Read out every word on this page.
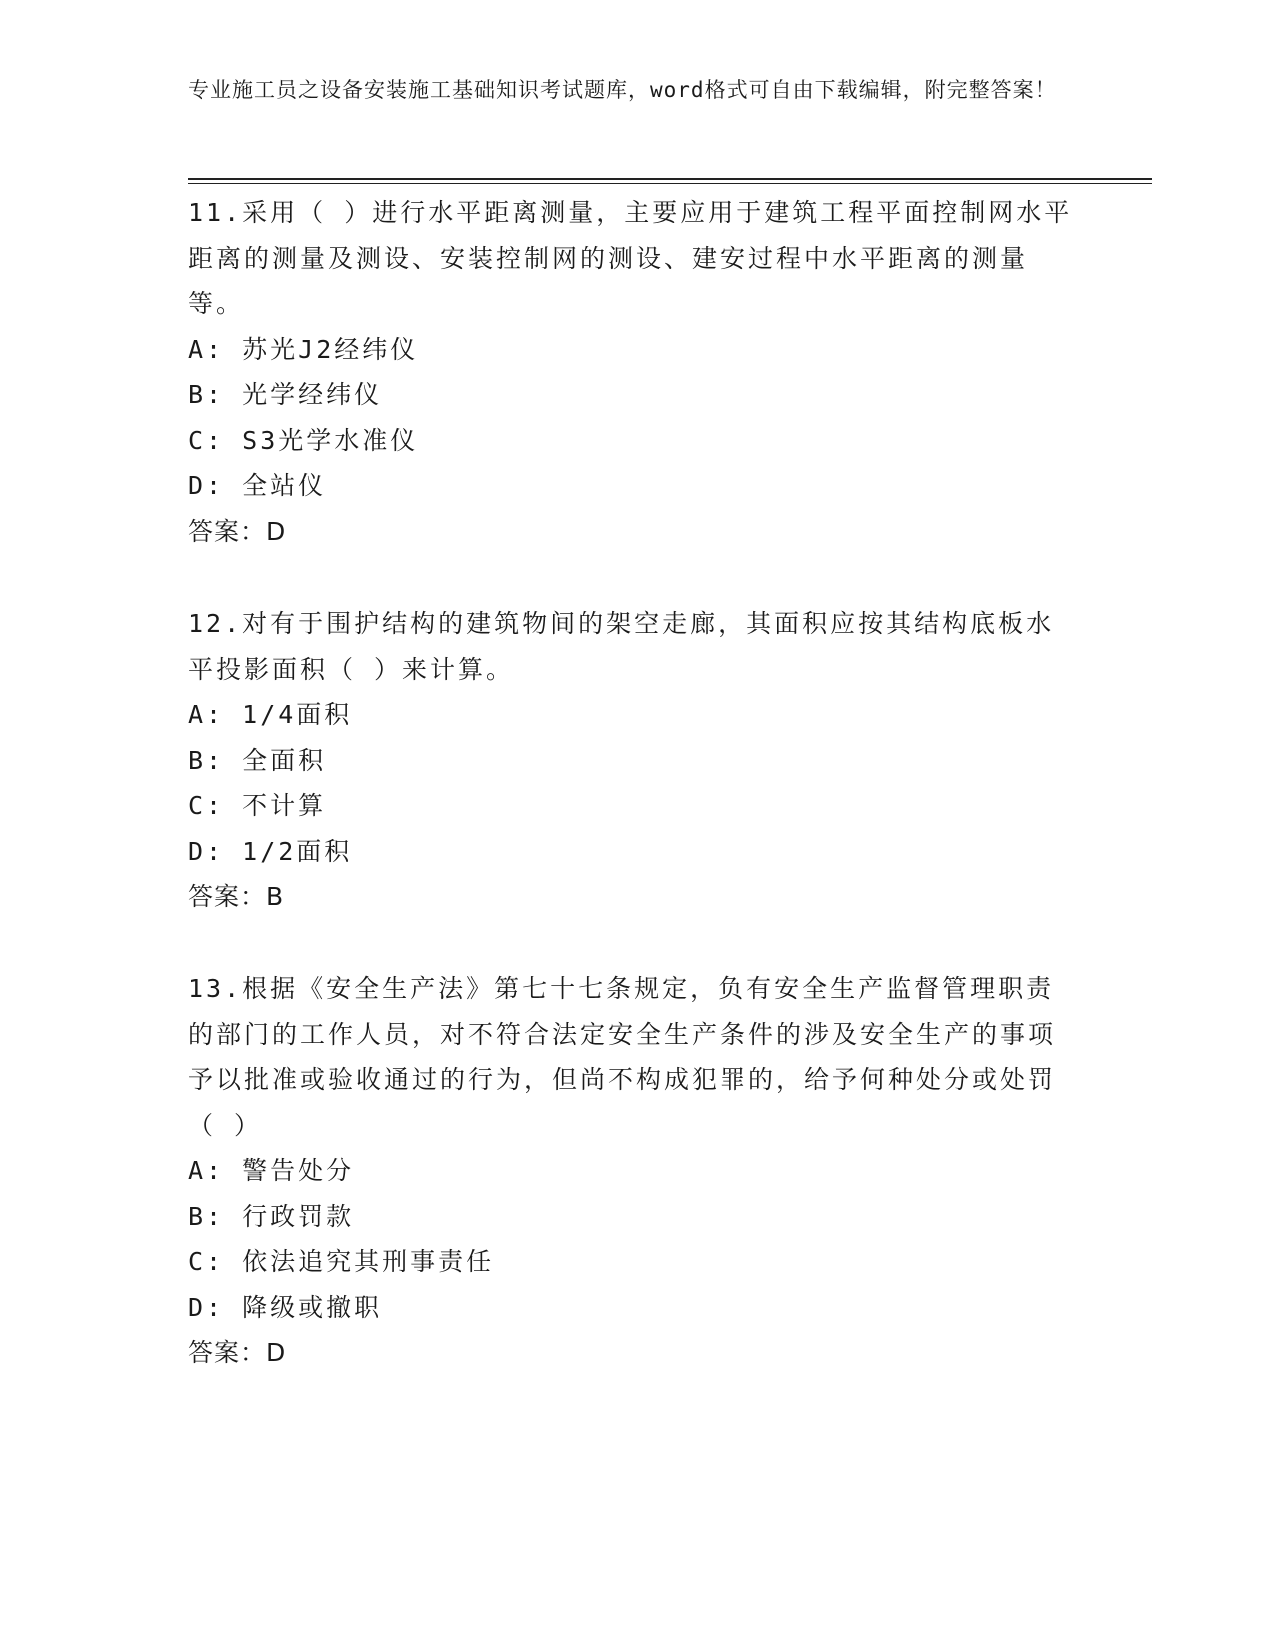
专业施工员之设备安装施工基础知识考试题库，word格式可自由下载编辑，附完整答案！

11.采用（ ）进行水平距离测量，主要应用于建筑工程平面控制网水平距离的测量及测设、安装控制网的测设、建安过程中水平距离的测量等。

A: 苏光J2经纬仪

B: 光学经纬仪

C: S3光学水准仪

D: 全站仪

答案：D

12.对有于围护结构的建筑物间的架空走廊，其面积应按其结构底板水平投影面积（ ）来计算。

A: 1/4面积

B: 全面积

C: 不计算

D: 1/2面积

答案：B

13.根据《安全生产法》第七十七条规定，负有安全生产监督管理职责的部门的工作人员，对不符合法定安全生产条件的涉及安全生产的事项予以批准或验收通过的行为，但尚不构成犯罪的，给予何种处分或处罚（ ）

A: 警告处分

B: 行政罚款

C: 依法追究其刑事责任

D: 降级或撤职

答案：D
